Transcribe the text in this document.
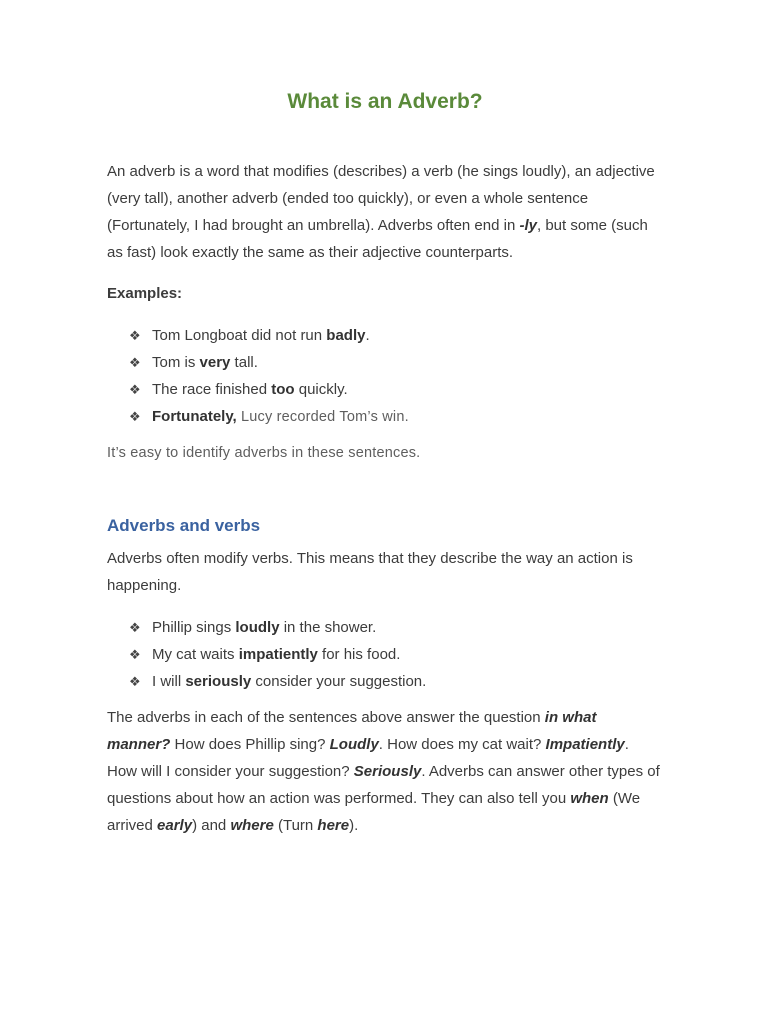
What is an Adverb?

An adverb is a word that modifies (describes) a verb (he sings loudly), an adjective (very tall), another adverb (ended too quickly), or even a whole sentence (Fortunately, I had brought an umbrella). Adverbs often end in -ly, but some (such as fast) look exactly the same as their adjective counterparts.

Examples:

❖ Tom Longboat did not run badly.
❖ Tom is very tall.
❖ The race finished too quickly.
❖ Fortunately, Lucy recorded Tom’s win.

It’s easy to identify adverbs in these sentences.

Adverbs and verbs

Adverbs often modify verbs. This means that they describe the way an action is happening.

❖ Phillip sings loudly in the shower.
❖ My cat waits impatiently for his food.
❖ I will seriously consider your suggestion.

The adverbs in each of the sentences above answer the question in what manner? How does Phillip sing? Loudly. How does my cat wait? Impatiently. How will I consider your suggestion? Seriously. Adverbs can answer other types of questions about how an action was performed. They can also tell you when (We arrived early) and where (Turn here).
